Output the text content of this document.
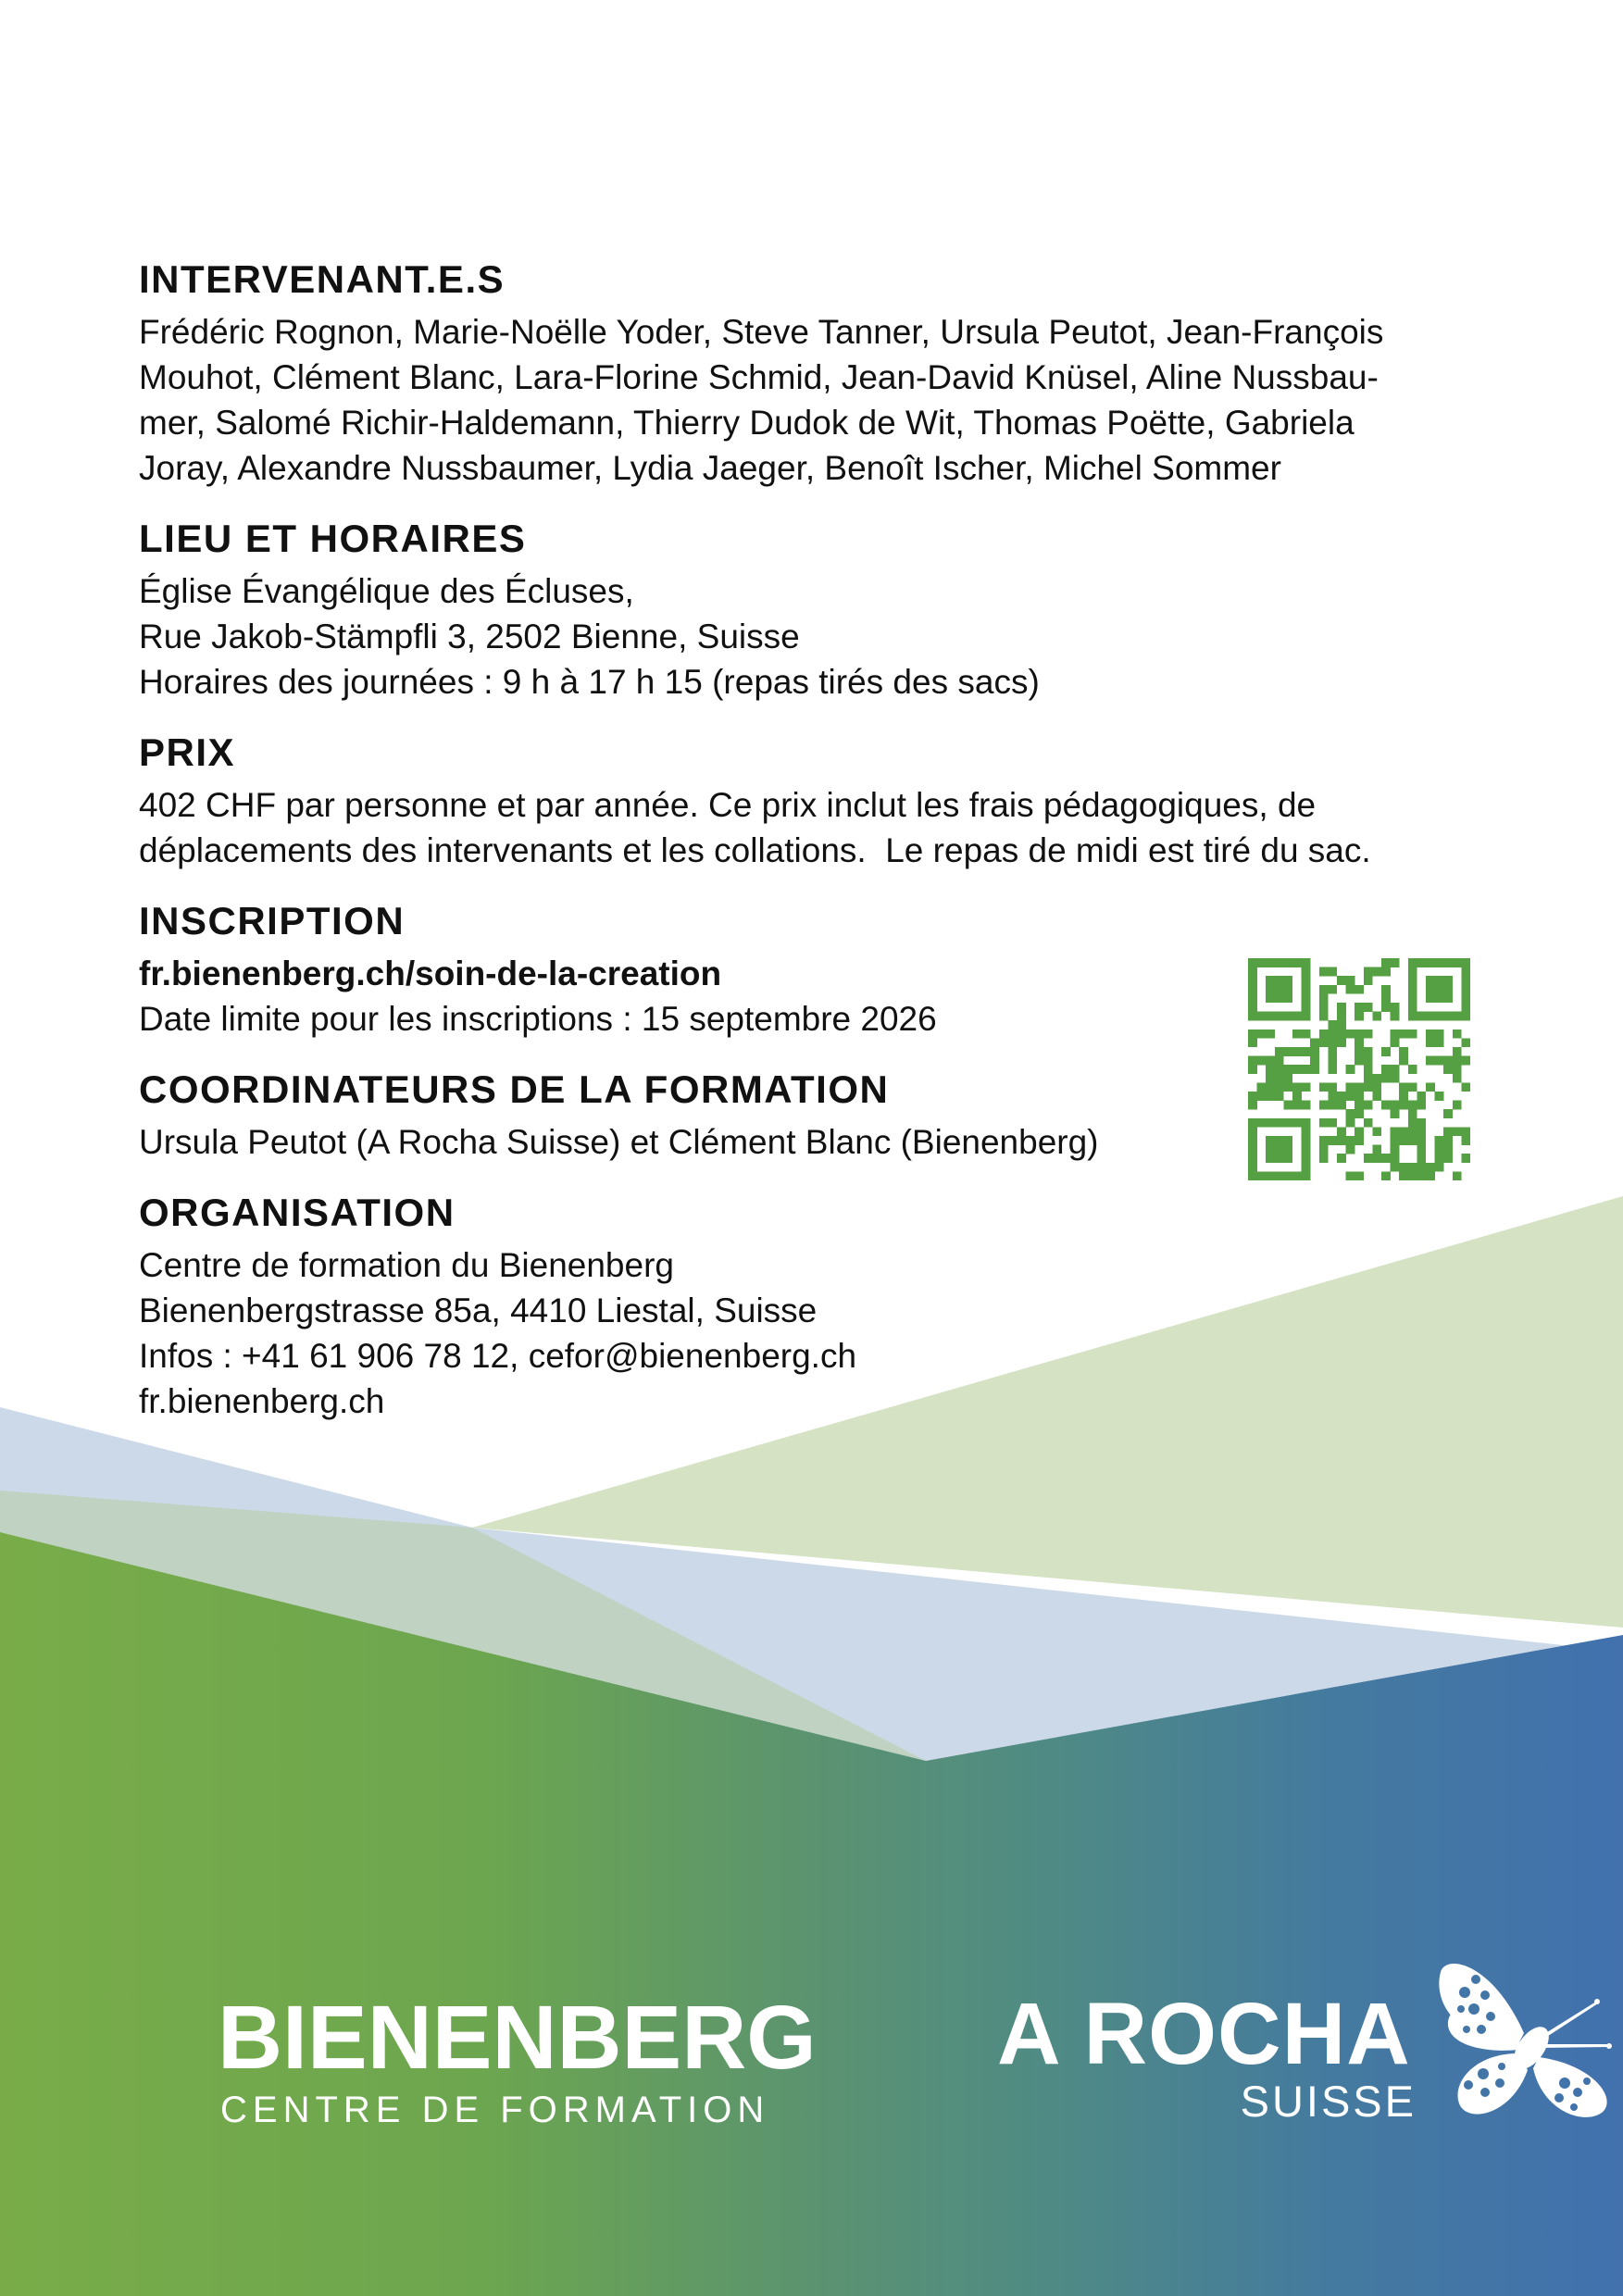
INTERVENANT.E.S

Frédéric Rognon, Marie-Noëlle Yoder, Steve Tanner, Ursula Peutot, Jean-François

Mouhot, Clément Blanc, Lara-Florine Schmid, Jean-David Knüsel, Aline Nussbau-

mer, Salomé Richir-Haldemann, Thierry Dudok de Wit, Thomas Poëtte, Gabriela

Joray, Alexandre Nussbaumer, Lydia Jaeger, Benoît Ischer, Michel Sommer

LIEU ET HORAIRES

Église Évangélique des Écluses,

Rue Jakob-Stämpfli 3, 2502 Bienne, Suisse

Horaires des journées : 9 h à 17 h 15 (repas tirés des sacs)

PRIX

402 CHF par personne et par année. Ce prix inclut les frais pédagogiques, de

déplacements des intervenants et les collations.  Le repas de midi est tiré du sac.

INSCRIPTION

fr.bienenberg.ch/soin-de-la-creation

Date limite pour les inscriptions : 15 septembre 2026

COORDINATEURS DE LA FORMATION

Ursula Peutot (A Rocha Suisse) et Clément Blanc (Bienenberg)

ORGANISATION

Centre de formation du Bienenberg

Bienenbergstrasse 85a, 4410 Liestal, Suisse

Infos : +41 61 906 78 12, cefor@bienenberg.ch

fr.bienenberg.ch

BIENENBERG
CENTRE DE FORMATION
A ROCHA
SUISSE
